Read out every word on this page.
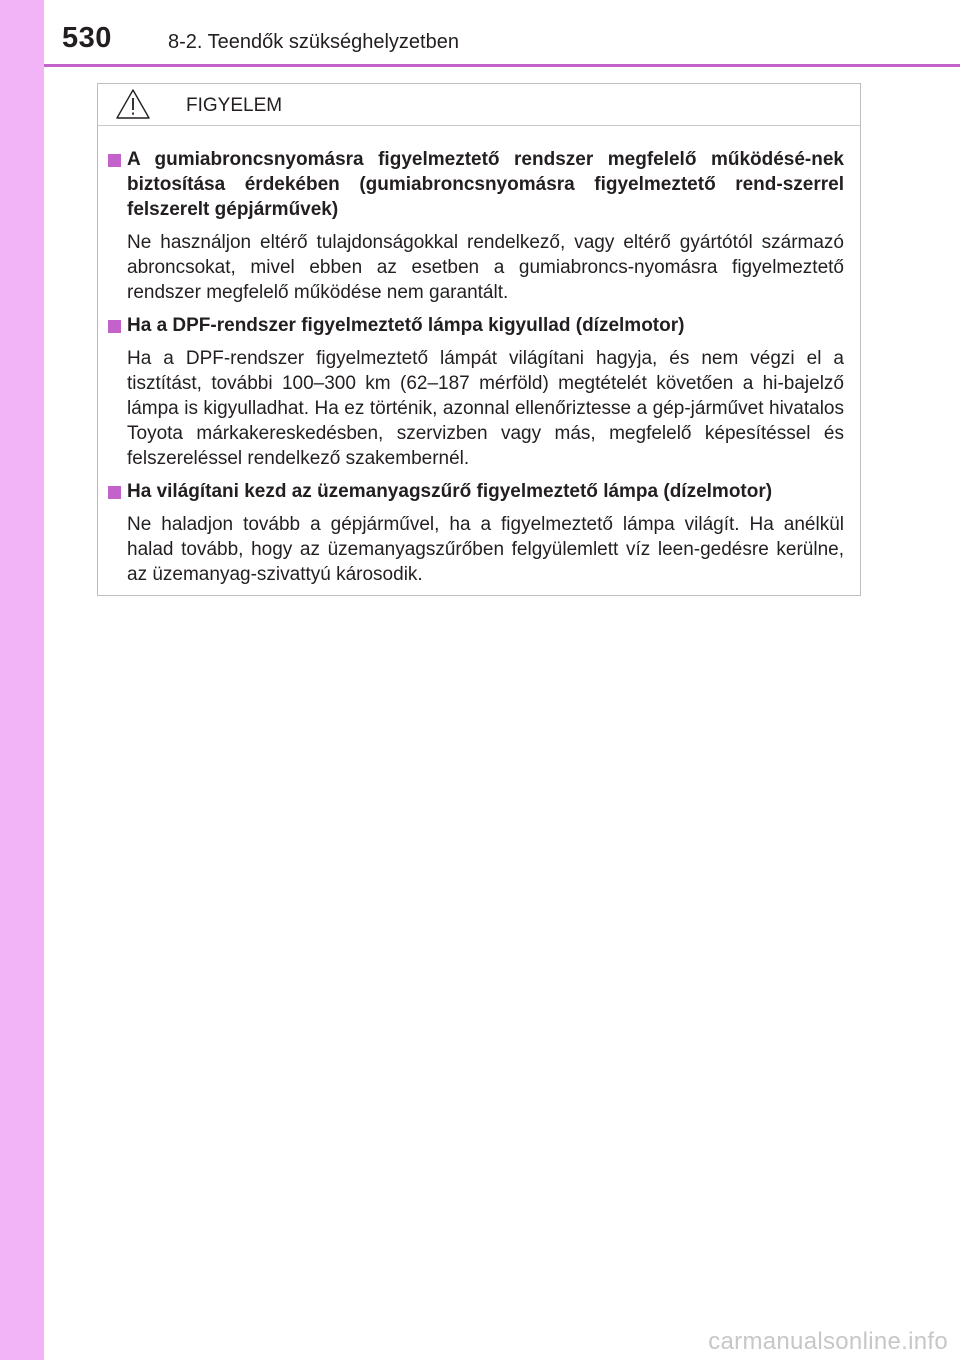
530	8-2. Teendők szükséghelyzetben
FIGYELEM
A gumiabroncsnyomásra figyelmeztető rendszer megfelelő működésé-nek biztosítása érdekében (gumiabroncsnyomásra figyelmeztető rend-szerrel felszerelt gépjárművek)
Ne használjon eltérő tulajdonságokkal rendelkező, vagy eltérő gyártótól származó abroncsokat, mivel ebben az esetben a gumiabroncs-nyomásra figyelmeztető rendszer megfelelő működése nem garantált.
Ha a DPF-rendszer figyelmeztető lámpa kigyullad (dízelmotor)
Ha a DPF-rendszer figyelmeztető lámpát világítani hagyja, és nem végzi el a tisztítást, további 100–300 km (62–187 mérföld) megtételét követően a hi-bajelző lámpa is kigyulladhat. Ha ez történik, azonnal ellenőriztesse a gép-járművet hivatalos Toyota márkakereskedésben, szervizben vagy más, megfelelő képesítéssel és felszereléssel rendelkező szakembernél.
Ha világítani kezd az üzemanyagszűrő figyelmeztető lámpa (dízelmotor)
Ne haladjon tovább a gépjárművel, ha a figyelmeztető lámpa világít. Ha anélkül halad tovább, hogy az üzemanyagszűrőben felgyülemlett víz leen-gedésre kerülne, az üzemanyag-szivattyú károsodik.
carmanualsonline.info
